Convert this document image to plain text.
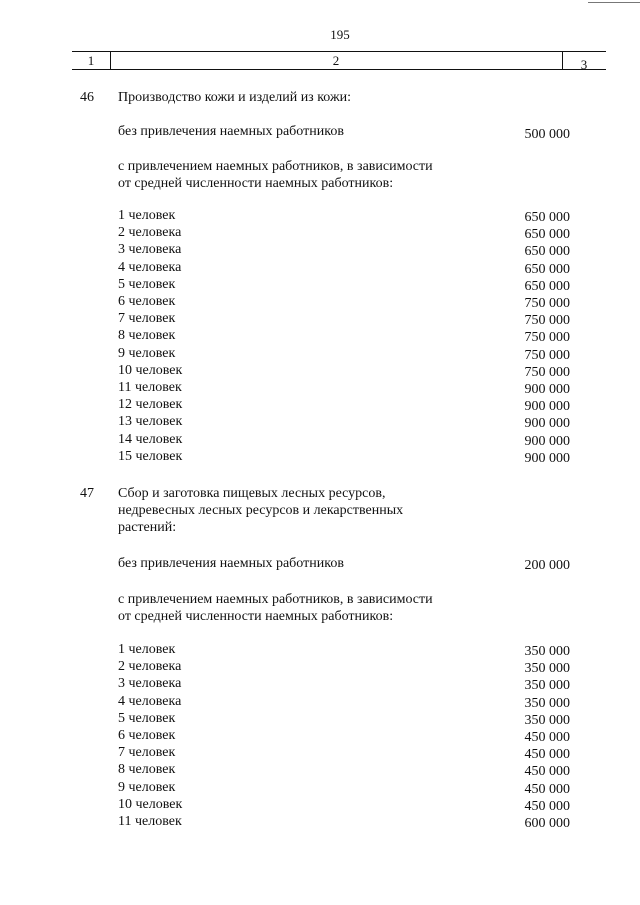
195
1	2	3
46 Производство кожи и изделий из кожи:
без привлечения наемных работников	500 000
с привлечением наемных работников, в зависимости
от средней численности наемных работников:
1 человек	650 000
2 человека	650 000
3 человека	650 000
4 человека	650 000
5 человек	650 000
6 человек	750 000
7 человек	750 000
8 человек	750 000
9 человек	750 000
10 человек	750 000
11 человек	900 000
12 человек	900 000
13 человек	900 000
14 человек	900 000
15 человек	900 000
47 Сбор и заготовка пищевых лесных ресурсов,
недревесных лесных ресурсов и лекарственных
растений:
без привлечения наемных работников	200 000
с привлечением наемных работников, в зависимости
от средней численности наемных работников:
1 человек	350 000
2 человека	350 000
3 человека	350 000
4 человека	350 000
5 человек	350 000
6 человек	450 000
7 человек	450 000
8 человек	450 000
9 человек	450 000
10 человек	450 000
11 человек	600 000
